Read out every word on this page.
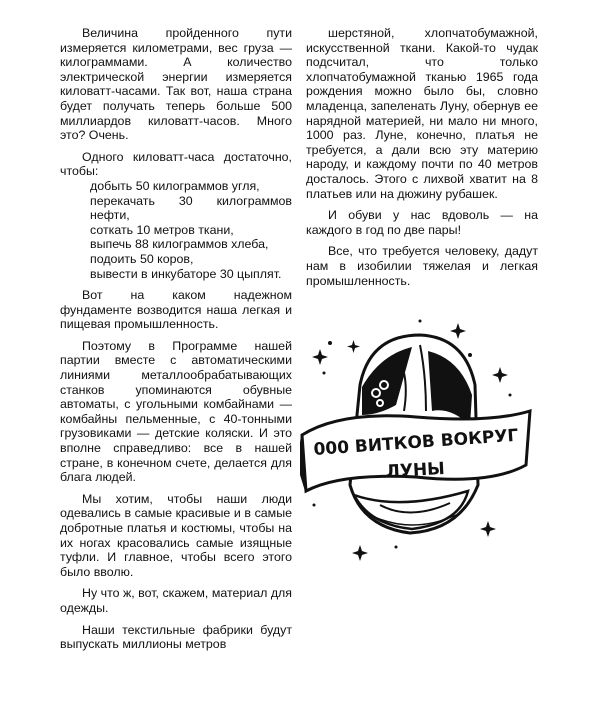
Величина пройденного пути измеряется километрами, вес груза — килограммами. А количество электрической энергии измеряется киловатт-часами. Так вот, наша страна будет получать теперь больше 500 миллиардов киловатт-часов. Много это? Очень.

Одного киловатт-часа достаточно, чтобы:

добыть 50 килограммов угля,
перекачать 30 килограммов нефти,
соткать 10 метров ткани,
выпечь 88 килограммов хлеба,
подоить 50 коров,
вывести в инкубаторе 30 цыплят.

Вот на каком надежном фундаменте возводится наша легкая и пищевая промышленность.

Поэтому в Программе нашей партии вместе с автоматическими линиями металлообрабатывающих станков упоминаются обувные автоматы, с угольными комбайнами — комбайны пельменные, с 40-тонными грузовиками — детские коляски. И это вполне справедливо: все в нашей стране, в конечном счете, делается для блага людей.

Мы хотим, чтобы наши люди одевались в самые красивые и в самые добротные платья и костюмы, чтобы на их ногах красовались самые изящные туфли. И главное, чтобы всего этого было вволю.

Ну что ж, вот, скажем, материал для одежды.

Наши текстильные фабрики будут выпускать миллионы метров

шерстяной, хлопчатобумажной, искусственной ткани. Какой-то чудак подсчитал, что только хлопчатобумажной тканью 1965 года рождения можно было бы, словно младенца, запеленать Луну, обернув ее нарядной материей, ни мало ни много, 1000 раз. Луне, конечно, платья не требуется, а дали всю эту материю народу, и каждому почти по 40 метров досталось. Этого с лихвой хватит на 8 платьев или на дюжину рубашек.

И обуви у нас вдоволь — на каждого в год по две пары!

Все, что требуется человеку, дадут нам в изобилии тяжелая и легкая промышленность.

000 ВИТКОВ ВОКРУГ
ЛУНЫ
